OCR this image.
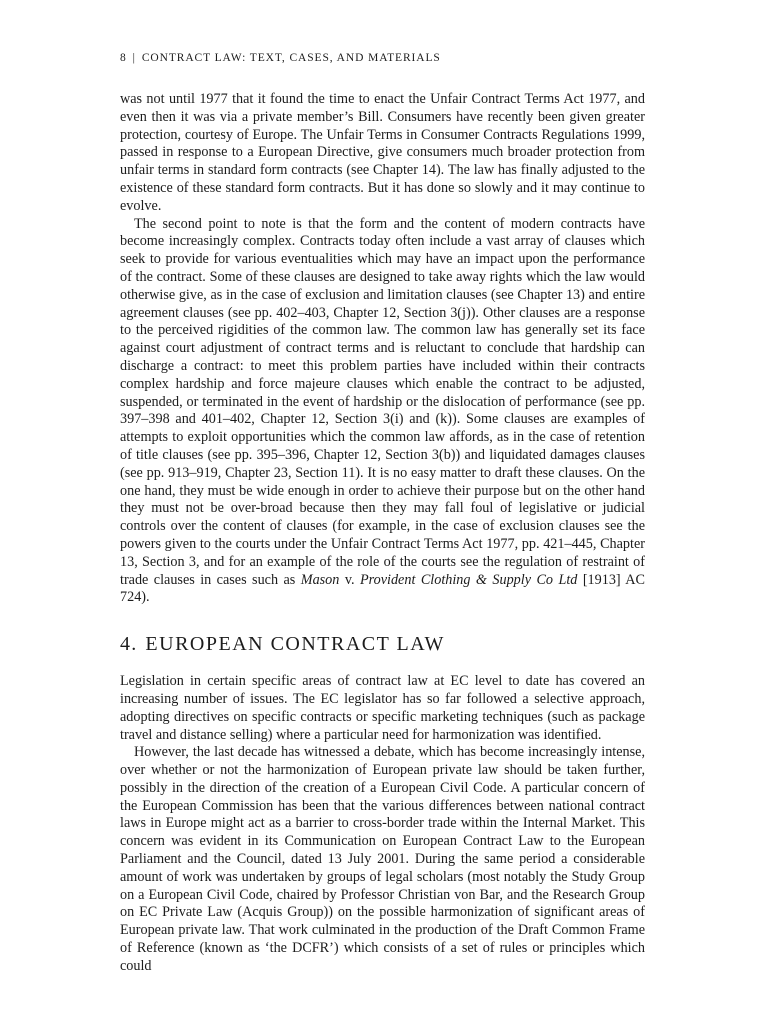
8 | CONTRACT LAW: TEXT, CASES, AND MATERIALS

was not until 1977 that it found the time to enact the Unfair Contract Terms Act 1977, and even then it was via a private member’s Bill. Consumers have recently been given greater protection, courtesy of Europe. The Unfair Terms in Consumer Contracts Regulations 1999, passed in response to a European Directive, give consumers much broader protection from unfair terms in standard form contracts (see Chapter 14). The law has finally adjusted to the existence of these standard form contracts. But it has done so slowly and it may continue to evolve.

The second point to note is that the form and the content of modern contracts have become increasingly complex. Contracts today often include a vast array of clauses which seek to provide for various eventualities which may have an impact upon the performance of the contract. Some of these clauses are designed to take away rights which the law would otherwise give, as in the case of exclusion and limitation clauses (see Chapter 13) and entire agreement clauses (see pp. 402–403, Chapter 12, Section 3(j)). Other clauses are a response to the perceived rigidities of the common law. The common law has generally set its face against court adjustment of contract terms and is reluctant to conclude that hardship can discharge a contract: to meet this problem parties have included within their contracts complex hardship and force majeure clauses which enable the contract to be adjusted, suspended, or terminated in the event of hardship or the dislocation of performance (see pp. 397–398 and 401–402, Chapter 12, Section 3(i) and (k)). Some clauses are examples of attempts to exploit opportunities which the common law affords, as in the case of retention of title clauses (see pp. 395–396, Chapter 12, Section 3(b)) and liquidated damages clauses (see pp. 913–919, Chapter 23, Section 11). It is no easy matter to draft these clauses. On the one hand, they must be wide enough in order to achieve their purpose but on the other hand they must not be over-broad because then they may fall foul of legislative or judicial controls over the content of clauses (for example, in the case of exclusion clauses see the powers given to the courts under the Unfair Contract Terms Act 1977, pp. 421–445, Chapter 13, Section 3, and for an example of the role of the courts see the regulation of restraint of trade clauses in cases such as Mason v. Provident Clothing & Supply Co Ltd [1913] AC 724).

4. EUROPEAN CONTRACT LAW

Legislation in certain specific areas of contract law at EC level to date has covered an increasing number of issues. The EC legislator has so far followed a selective approach, adopting directives on specific contracts or specific marketing techniques (such as package travel and distance selling) where a particular need for harmonization was identified.

However, the last decade has witnessed a debate, which has become increasingly intense, over whether or not the harmonization of European private law should be taken further, possibly in the direction of the creation of a European Civil Code. A particular concern of the European Commission has been that the various differences between national contract laws in Europe might act as a barrier to cross-border trade within the Internal Market. This concern was evident in its Communication on European Contract Law to the European Parliament and the Council, dated 13 July 2001. During the same period a considerable amount of work was undertaken by groups of legal scholars (most notably the Study Group on a European Civil Code, chaired by Professor Christian von Bar, and the Research Group on EC Private Law (Acquis Group)) on the possible harmonization of significant areas of European private law. That work culminated in the production of the Draft Common Frame of Reference (known as ‘the DCFR’) which consists of a set of rules or principles which could
